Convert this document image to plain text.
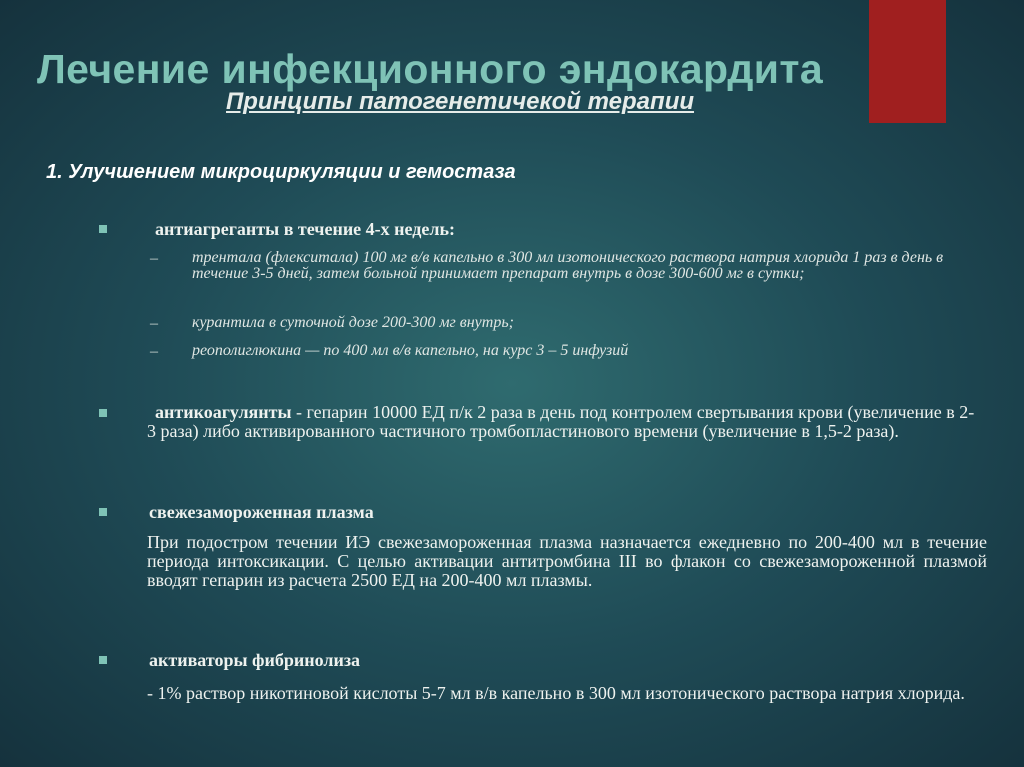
Лечение инфекционного эндокардита
Принципы патогенетичекой терапии
1. Улучшением микроциркуляции и гемостаза
антиагреганты в течение 4-х недель:
– трентала (флекситала) 100 мг в/в капельно в 300 мл изотонического раствора натрия хлорида 1 раз в день в течение 3-5 дней, затем больной принимает препарат внутрь в дозе 300-600 мг в сутки;

– курантила в суточной дозе 200-300 мг внутрь;

– реополиглюкина — по 400 мл в/в капельно, на курс 3 – 5 инфузий

антикоагулянты - гепарин 10000 ЕД п/к 2 раза в день под контролем свертывания крови (увеличение в 2-3 раза) либо активированного частичного тромбопластинового времени (увеличение в 1,5-2 раза).

свежезамороженная плазма

При подостром течении ИЭ свежезамороженная плазма назначается ежедневно по 200-400 мл в течение периода интоксикации. С целью активации антитромбина III во флакон со свежезамороженной плазмой вводят гепарин из расчета 2500 ЕД на 200-400 мл плазмы.

активаторы фибринолиза

- 1% раствор никотиновой кислоты 5-7 мл в/в капельно в 300 мл изотонического раствора натрия хлорида.
